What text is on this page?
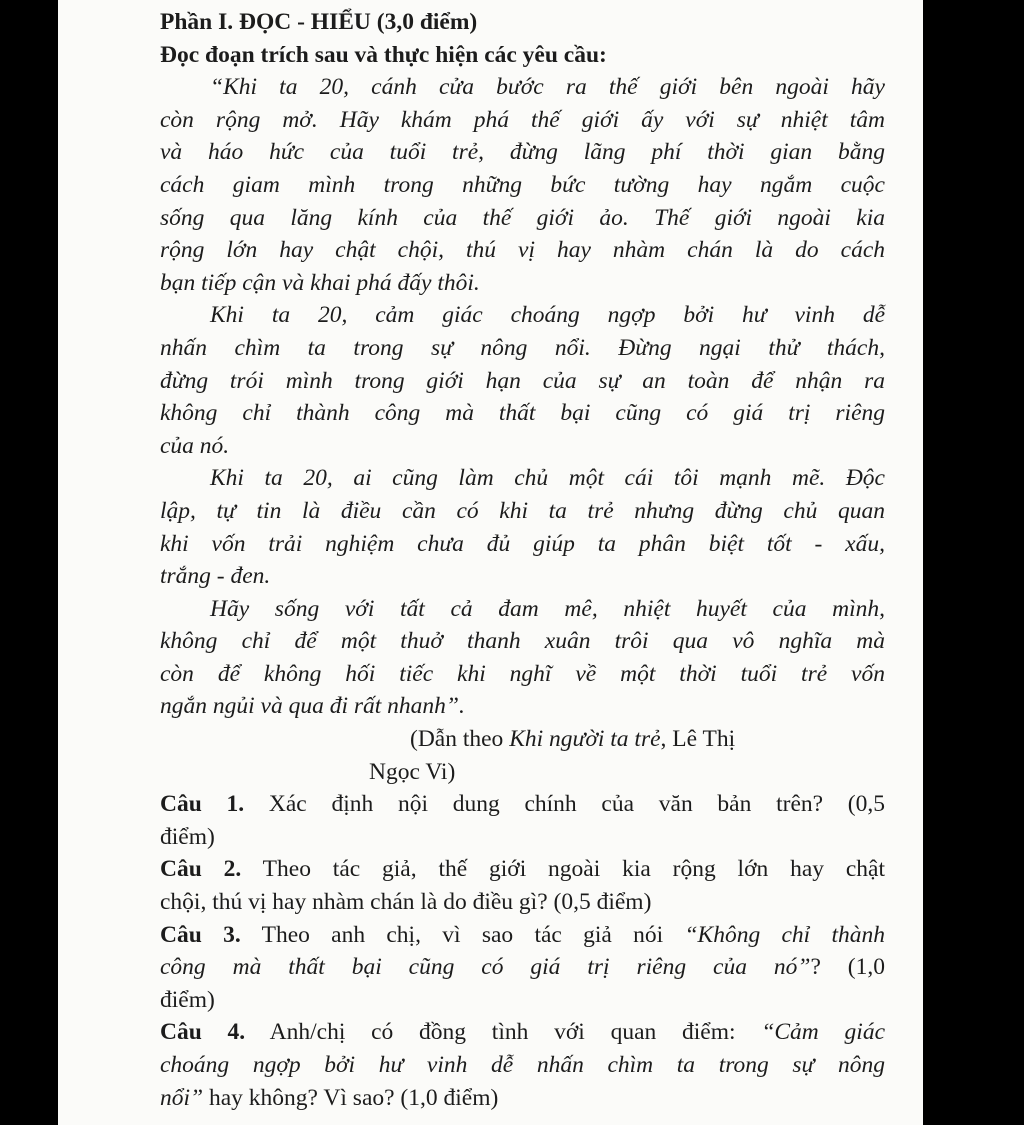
Phần I. ĐỌC - HIỂU (3,0 điểm)
Đọc đoạn trích sau và thực hiện các yêu cầu:
“Khi ta 20, cánh cửa bước ra thế giới bên ngoài hãy
còn rộng mở. Hãy khám phá thế giới ấy với sự nhiệt tâm
và háo hức của tuổi trẻ, đừng lãng phí thời gian bằng
cách giam mình trong những bức tường hay ngắm cuộc
sống qua lăng kính của thế giới ảo. Thế giới ngoài kia
rộng lớn hay chật chội, thú vị hay nhàm chán là do cách
bạn tiếp cận và khai phá đấy thôi.
Khi ta 20, cảm giác choáng ngợp bởi hư vinh dễ
nhấn chìm ta trong sự nông nổi. Đừng ngại thử thách,
đừng trói mình trong giới hạn của sự an toàn để nhận ra
không chỉ thành công mà thất bại cũng có giá trị riêng
của nó.
Khi ta 20, ai cũng làm chủ một cái tôi mạnh mẽ. Độc
lập, tự tin là điều cần có khi ta trẻ nhưng đừng chủ quan
khi vốn trải nghiệm chưa đủ giúp ta phân biệt tốt - xấu,
trắng - đen.
Hãy sống với tất cả đam mê, nhiệt huyết của mình,
không chỉ để một thuở thanh xuân trôi qua vô nghĩa mà
còn để không hối tiếc khi nghĩ về một thời tuổi trẻ vốn
ngắn ngủi và qua đi rất nhanh”.
(Dẫn theo Khi người ta trẻ, Lê Thị
Ngọc Vi)
Câu 1. Xác định nội dung chính của văn bản trên? (0,5
điểm)
Câu 2. Theo tác giả, thế giới ngoài kia rộng lớn hay chật
chội, thú vị hay nhàm chán là do điều gì? (0,5 điểm)
Câu 3. Theo anh chị, vì sao tác giả nói “Không chỉ thành
công mà thất bại cũng có giá trị riêng của nó”? (1,0
điểm)
Câu 4. Anh/chị có đồng tình với quan điểm: “Cảm giác
choáng ngợp bởi hư vinh dễ nhấn chìm ta trong sự nông
nổi” hay không? Vì sao? (1,0 điểm)
